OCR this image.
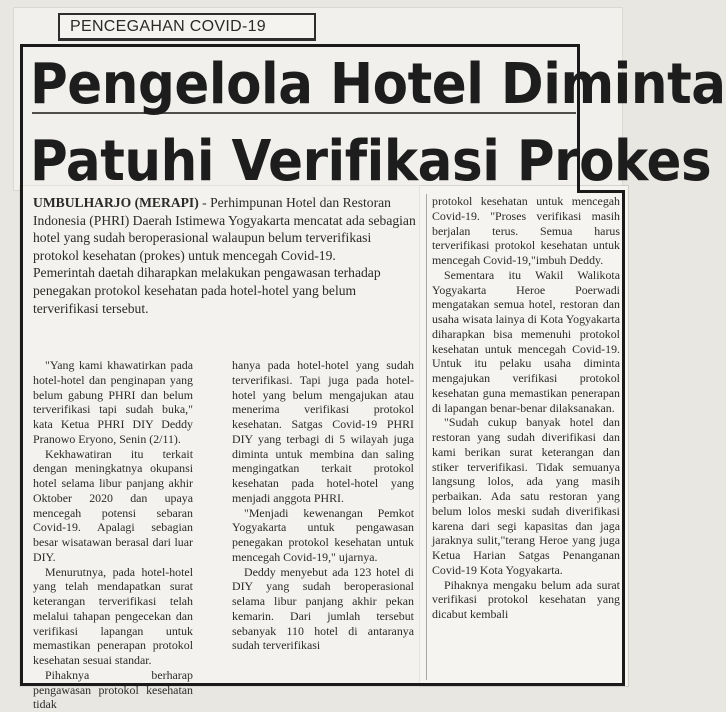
PENCEGAHAN COVID-19
Pengelola Hotel Diminta
Patuhi Verifikasi Prokes

UMBULHARJO (MERAPI) - Perhimpunan Hotel dan Restoran Indonesia (PHRI) Daerah Istimewa Yogyakarta mencatat ada sebagian hotel yang sudah beroperasional walaupun belum terverifikasi protokol kesehatan (prokes) untuk mencegah Covid-19.

Pemerintah daetah diharapkan melakukan pengawasan terhadap penegakan protokol kesehatan pada hotel-hotel yang belum terverifikasi tersebut.

"Yang kami khawatirkan pada hotel-hotel dan penginapan yang belum gabung PHRI dan belum terverifikasi tapi sudah buka," kata Ketua PHRI DIY Deddy Pranowo Eryono, Senin (2/11).

Kekhawatiran itu terkait dengan meningkatnya okupansi hotel selama libur panjang akhir Oktober 2020 dan upaya mencegah potensi sebaran Covid-19. Apalagi sebagian besar wisatawan berasal dari luar DIY.

Menurutnya, pada hotel-hotel yang telah mendapatkan surat keterangan terverifikasi telah melalui tahapan pengecekan dan verifikasi lapangan untuk memastikan penerapan protokol kesehatan sesuai standar.

Pihaknya berharap pengawasan protokol kesehatan tidak

hanya pada hotel-hotel yang sudah terverifikasi. Tapi juga pada hotel-hotel yang belum mengajukan atau menerima verifikasi protokol kesehatan. Satgas Covid-19 PHRI DIY yang terbagi di 5 wilayah juga diminta untuk membina dan saling mengingatkan terkait protokol kesehatan pada hotel-hotel yang menjadi anggota PHRI.

"Menjadi kewenangan Pemkot Yogyakarta untuk pengawasan penegakan protokol kesehatan untuk mencegah Covid-19," ujarnya.

Deddy menyebut ada 123 hotel di DIY yang sudah beroperasional selama libur panjang akhir pekan kemarin. Dari jumlah tersebut sebanyak 110 hotel di antaranya sudah terverifikasi

protokol kesehatan untuk mencegah Covid-19. "Proses verifikasi masih berjalan terus. Semua harus terverifikasi protokol kesehatan untuk mencegah Covid-19,"imbuh Deddy.

Sementara itu Wakil Walikota Yogyakarta Heroe Poerwadi mengatakan semua hotel, restoran dan usaha wisata lainya di Kota Yogyakarta diharapkan bisa memenuhi protokol kesehatan untuk mencegah Covid-19. Untuk itu pelaku usaha diminta mengajukan verifikasi protokol kesehatan guna memastikan penerapan di lapangan benar-benar dilaksanakan.

"Sudah cukup banyak hotel dan restoran yang sudah diverifikasi dan kami berikan surat keterangan dan stiker terverifikasi. Tidak semuanya langsung lolos, ada yang masih perbaikan. Ada satu restoran yang belum lolos meski sudah diverifikasi karena dari segi kapasitas dan jaga jaraknya sulit,"terang Heroe yang juga Ketua Harian Satgas Penanganan Covid-19 Kota Yogyakarta.

Pihaknya mengaku belum ada surat verifikasi protokol kesehatan yang dicabut kembali
